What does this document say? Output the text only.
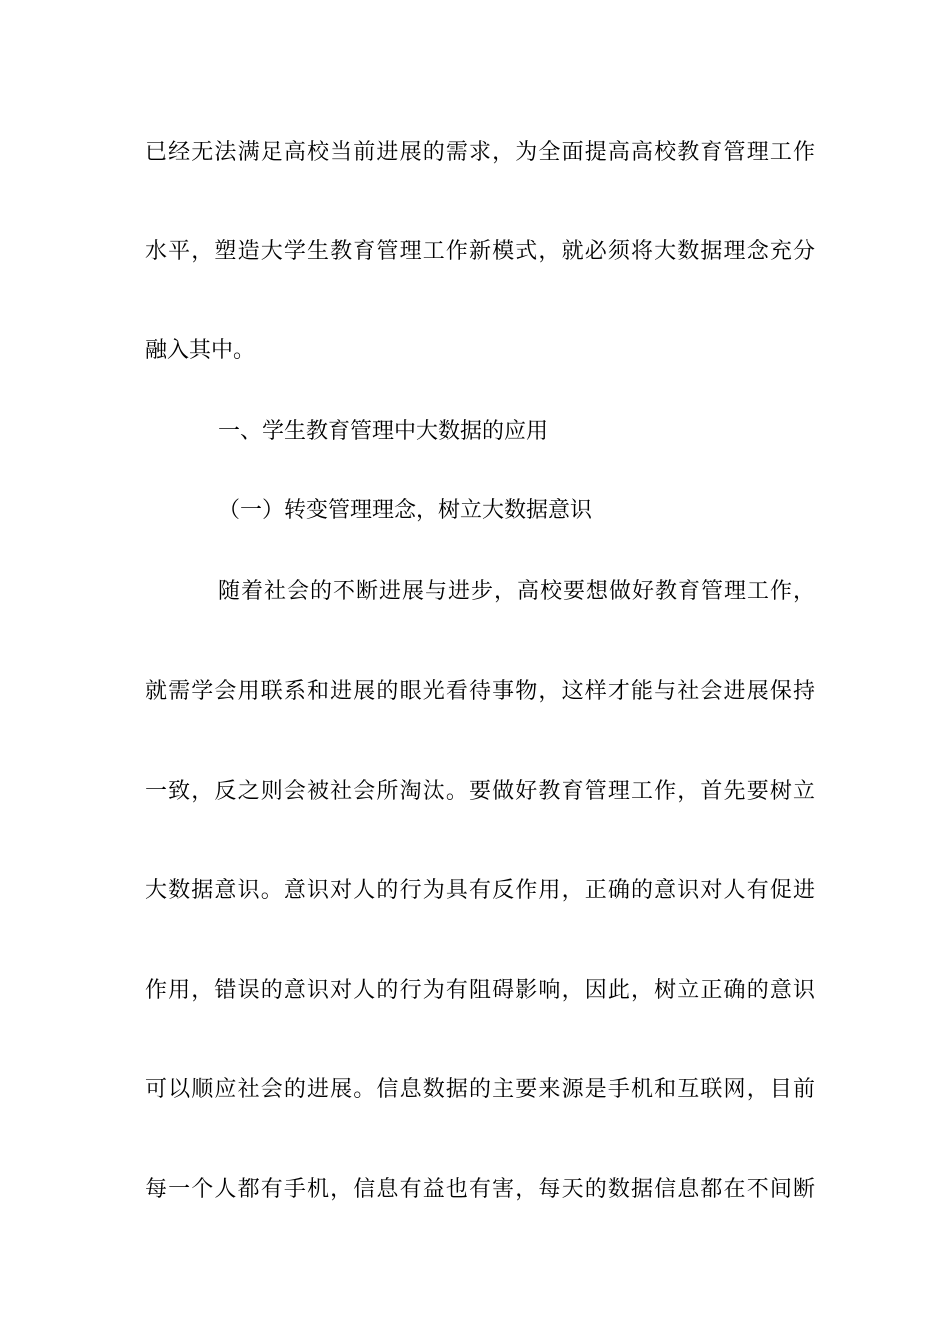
已经无法满足高校当前进展的需求，为全面提高高校教育管理工作
水平，塑造大学生教育管理工作新模式，就必须将大数据理念充分
融入其中。
一、学生教育管理中大数据的应用
（一）转变管理理念，树立大数据意识
随着社会的不断进展与进步，高校要想做好教育管理工作，
就需学会用联系和进展的眼光看待事物，这样才能与社会进展保持
一致，反之则会被社会所淘汰。要做好教育管理工作，首先要树立
大数据意识。意识对人的行为具有反作用，正确的意识对人有促进
作用，错误的意识对人的行为有阻碍影响，因此，树立正确的意识
可以顺应社会的进展。信息数据的主要来源是手机和互联网，目前
每一个人都有手机，信息有益也有害，每天的数据信息都在不间断
